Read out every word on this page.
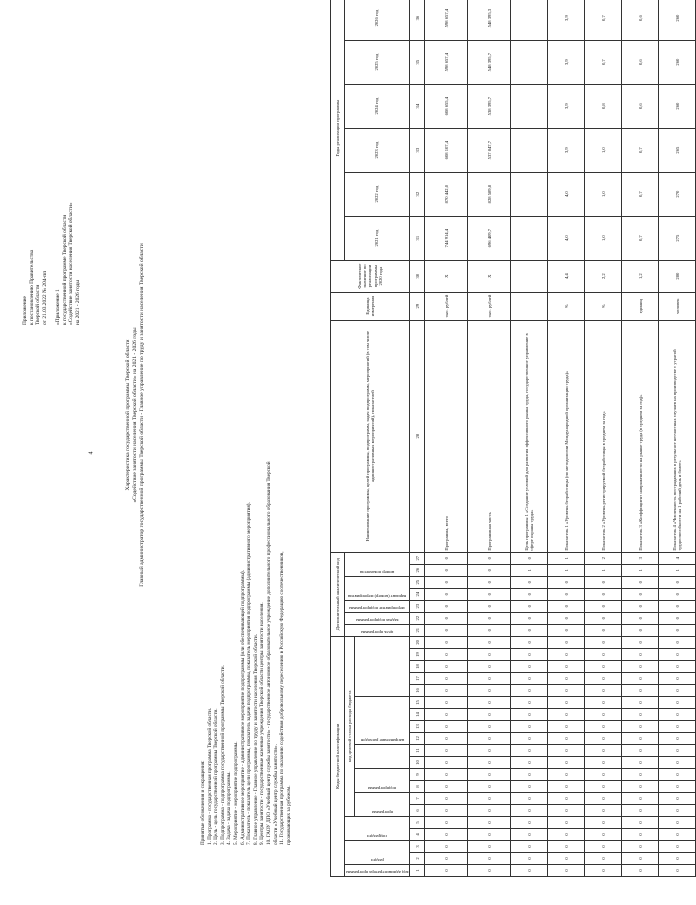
4
Приложение к постановлению Правительства Тверской области от 21.03.2022 № 204-пп
«Приложение 1 к государственной программе Тверской области «Содействие занятости населения Тверской области» на 2021 - 2026 годы
Характеристика государственной программы Тверской области «Содействие занятости населения Тверской области» на 2021 - 2026 годы Главный администратор государственной программы Тверской области - Главное управление по труду и занятости населения Тверской области
Принятые обозначения и сокращения: 1. Программа - государственная программа Тверской области. 2. Цель - цель государственной программы Тверской области. 3. Подпрограмма - подпрограмма государственной программы Тверской области. 4. Задача - задача подпрограммы. 5. Мероприятие - мероприятие подпрограммы. 6. Административное мероприятие - административное мероприятие подпрограммы (или обеспечивающей подпрограммы). 7. Показатель - показатель цели программы, показатель задачи подпрограммы, показатель мероприятия подпрограммы (административного мероприятия). 8. Главное управление - Главное управление по труду и занятости населения Тверской области. 9. Центры занятости - государственные казенные учреждения Тверской области центры занятости населения. 10. ГАОУ ДПО «Учебный центр службы занятости» - государственное автономное образовательное учреждение дополнительного профессионального образования Тверской области «Учебный центр службы занятости». 11. Государственная программа по оказанию содействия добровольному переселению в Российскую Федерацию соотечественников, проживающих за рубежом.
Коды бюджетной классификации																				Дополнительный аналитический код							Наименование программы, целей программы, подпрограмм, задач подпрограмм, мероприятий (в том числе административных мероприятий), показателей	Единица измерения	Фактическое значение по реализации программы 2020 года	Годы реализации программы	

код администратора программы	раздел		подраздел		код целевой статьи расхода бюджета															цель программы	задача подпрограммы	мероприятие подпрограммы	вариант (номер) мероприятия		номер показателя					2021 год	2022 год	2023 год	2024 год	2025 год	2026 год		

					программа		подпрограмма				направление расходов																										

1	2	3	4	5	6	7	8	9	10	11	12	13	14	15	16	17	18	19	20	21	22	23	24	25	26	27	28	29	30	31	32	33	34	35	36	
0	0	0	0	0	0	0	0	0	0	0	0	0	0	0	0	0	0	0	0	0	0	0	0	0	0	0	Программа, всего	тыс. рублей	Х	744 914,4	870 442,0	608 107,4	608 655,4	598 657,4	598 657,4		
0	0	0	0	0	0	0	0	0	0	0	0	0	0	0	0	0	0	0	0	0	0	0	0	0	0	0	Программная часть	тыс. рублей	Х	696 409,7	828 589,8	537 847,7	538 395,7	548 395,7	548 395,3		
0	0	0	0	0	0	0	0	0	0	0	0	0	0	0	0	0	0	0	0	0	0	0	0	0	1	0	Цель программы 1 «Создание условий для развития эффективного рынка труда, государственное управление в сфере охраны труда»										
0	0	0	0	0	0	0	0	0	0	0	0	0	0	0	0	0	0	0	0	0	0	0	0	0	1	1	Показатель 1 «Уровень безработицы (по методологии Международной организации труда)»	%	4,4	4,0	4,0	3,9	3,9	3,9	3,9		
0	0	0	0	0	0	0	0	0	0	0	0	0	0	0	0	0	0	0	0	0	0	0	0	0	1	2	Показатель 2 «Уровень регистрируемой безработицы в среднем за год»	%	2,2	1,0	1,0	1,0	0,8	0,7	0,7		
0	0	0	0	0	0	0	0	0	0	0	0	0	0	0	0	0	0	0	0	0	0	0	0	0	1	3	Показатель 3 «Коэффициент напряженности на рынке труда (в среднем за год)»	единиц	1,2	0,7	0,7	0,7	0,6	0,6	0,6		
0	0	0	0	0	0	0	0	0	0	0	0	0	0	0	0	0	0	0	0	0	0	0	0	0	1	4	Показатель 4 «Численность пострадавших в результате несчастных случаев на производстве с утратой трудоспособности на 1 рабочий день и более»	человек	280	275	270	265	260	260	260		
